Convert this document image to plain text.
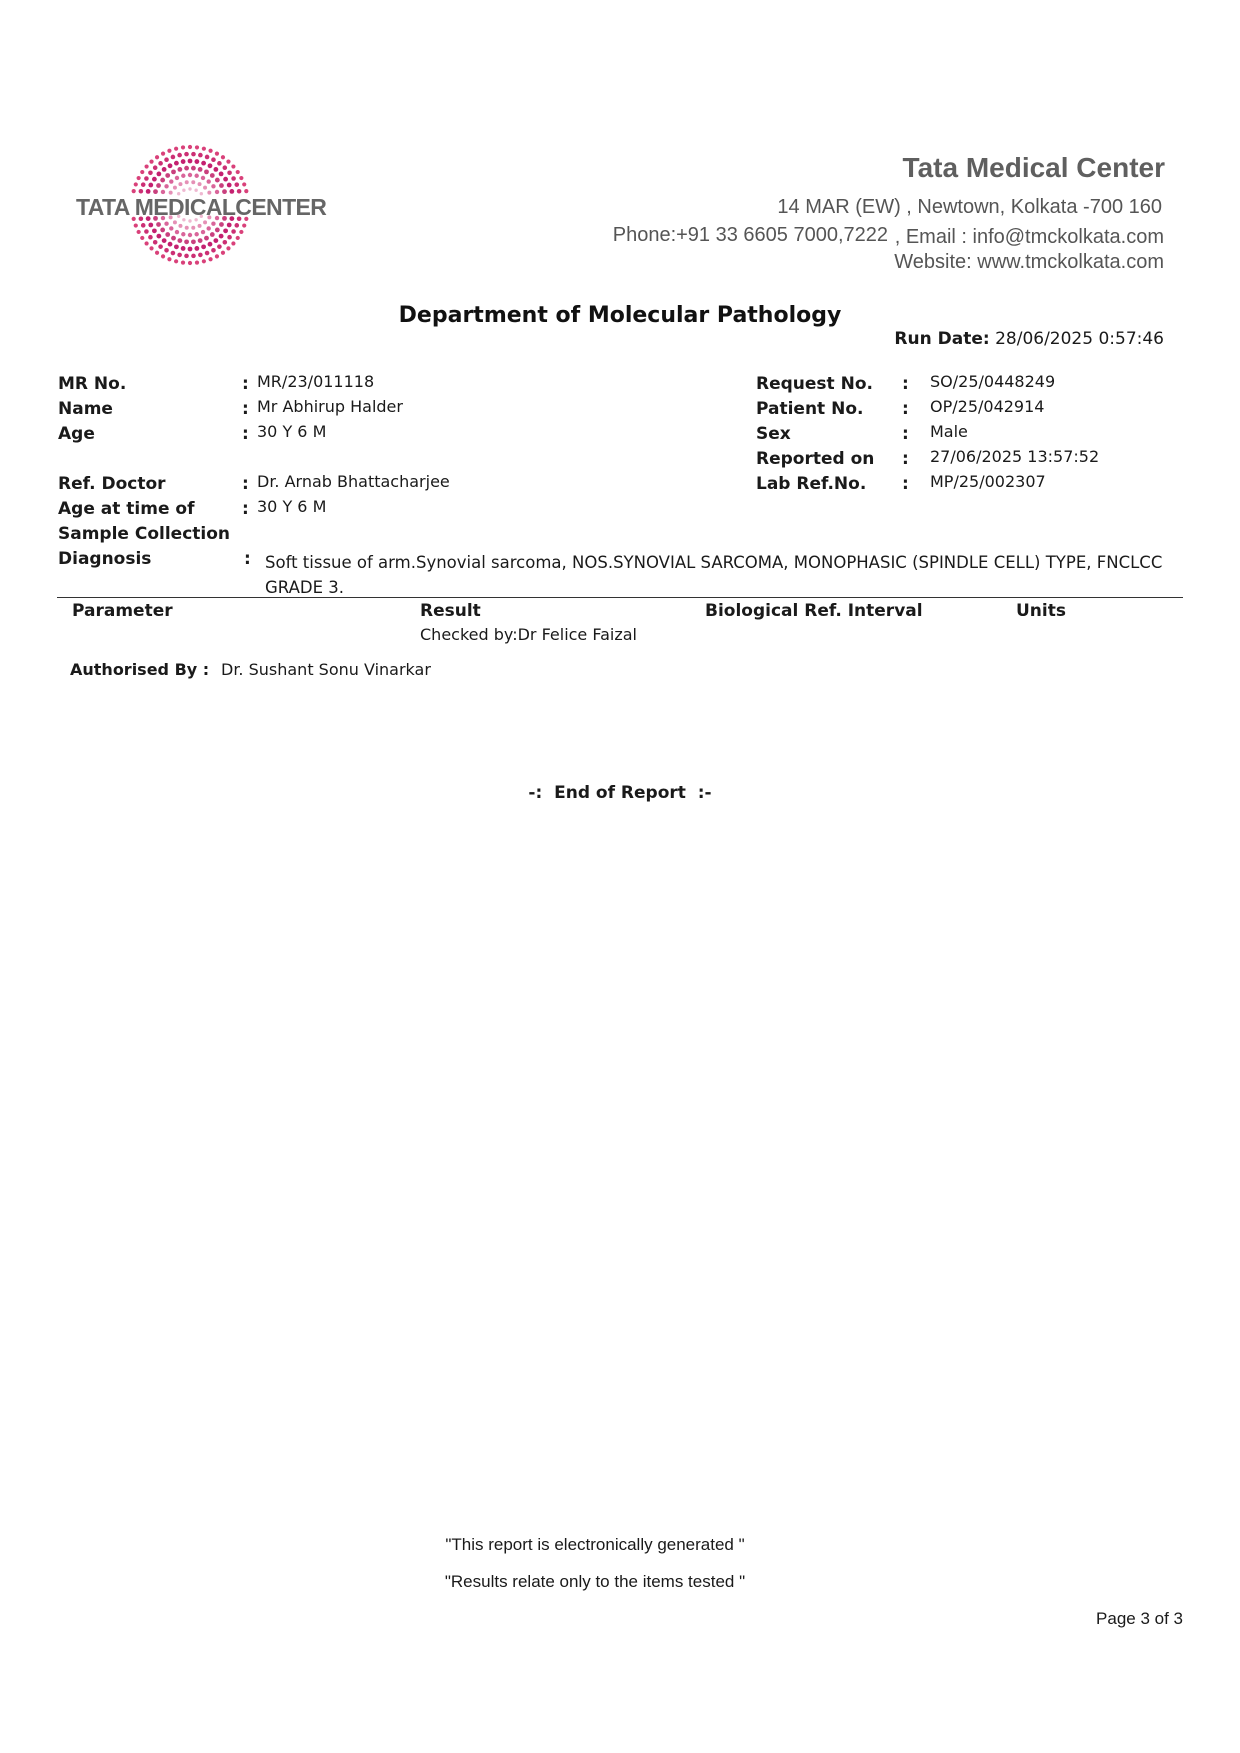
TATA MEDICALCENTER
Tata Medical Center
14 MAR (EW) , Newtown, Kolkata -700 160
Phone:+91 33 6605 7000,7222 , Email : info@tmckolkata.com
Website: www.tmckolkata.com
Department of Molecular Pathology
Run Date: 28/06/2025 0:57:46
MR No.	: MR/23/011118
Name	: Mr Abhirup Halder
Age	: 30 Y 6 M
Ref. Doctor	: Dr. Arnab Bhattacharjee
Age at time of
Sample Collection
: 30 Y 6 M
Diagnosis	: Soft tissue of arm.Synovial sarcoma, NOS.SYNOVIAL SARCOMA, MONOPHASIC (SPINDLE CELL) TYPE, FNCLCC GRADE 3.
Request No. : SO/25/0448249
Patient No. : OP/25/042914
Sex	: Male
Reported on : 27/06/2025 13:57:52
Lab Ref.No. : MP/25/002307
Parameter	Result	Biological Ref. Interval	Units
Checked by:Dr Felice Faizal
Authorised By : Dr. Sushant Sonu Vinarkar
-: End of Report :-
"This report is electronically generated "
"Results relate only to the items tested "
Page 3 of 3
